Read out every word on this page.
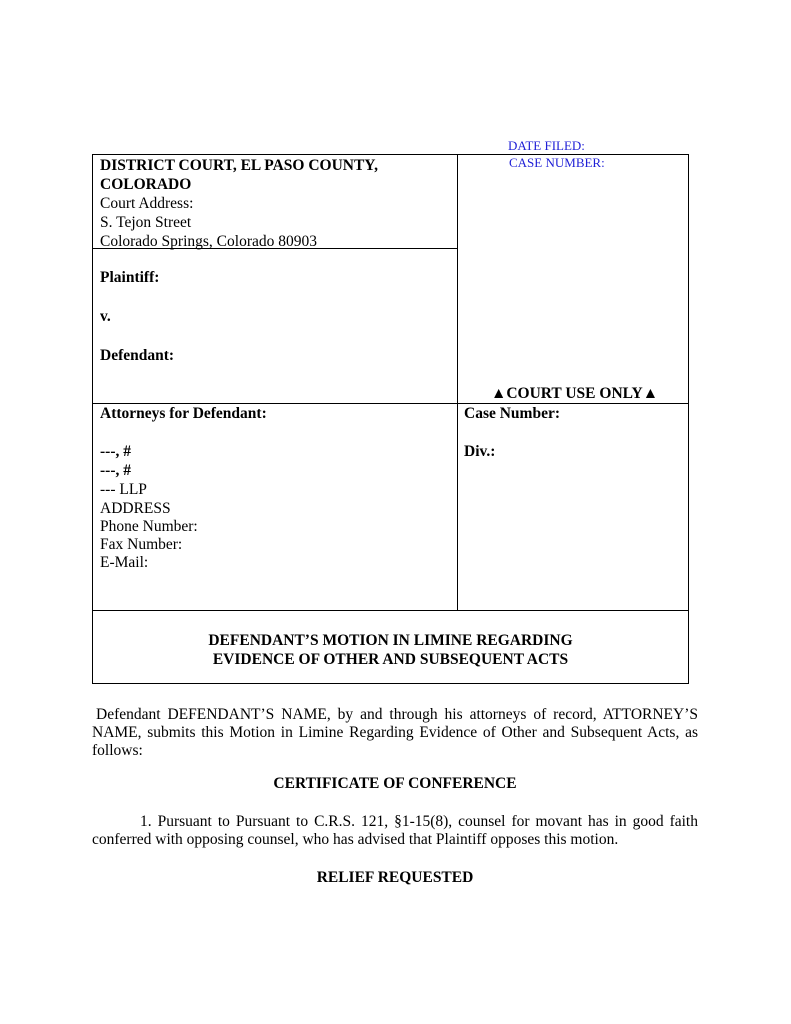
DATE FILED:
CASE NUMBER:
DISTRICT COURT, EL PASO COUNTY,
COLORADO
Court Address:
S. Tejon Street
Colorado Springs, Colorado 80903
Plaintiff:
v.
Defendant:
▲COURT USE ONLY▲
Attorneys for Defendant:
---, #
---, #
--- LLP
ADDRESS
Phone Number:
Fax Number:
E-Mail:
Case Number:
Div.:
DEFENDANT’S MOTION IN LIMINE REGARDING
EVIDENCE OF OTHER AND SUBSEQUENT ACTS
Defendant DEFENDANT’S NAME, by and through his attorneys of record, ATTORNEY’S NAME, submits this Motion in Limine Regarding Evidence of Other and Subsequent Acts, as follows:
CERTIFICATE OF CONFERENCE
1. Pursuant to Pursuant to C.R.S. 121, §1-15(8), counsel for movant has in good faith conferred with opposing counsel, who has advised that Plaintiff opposes this motion.
RELIEF REQUESTED
